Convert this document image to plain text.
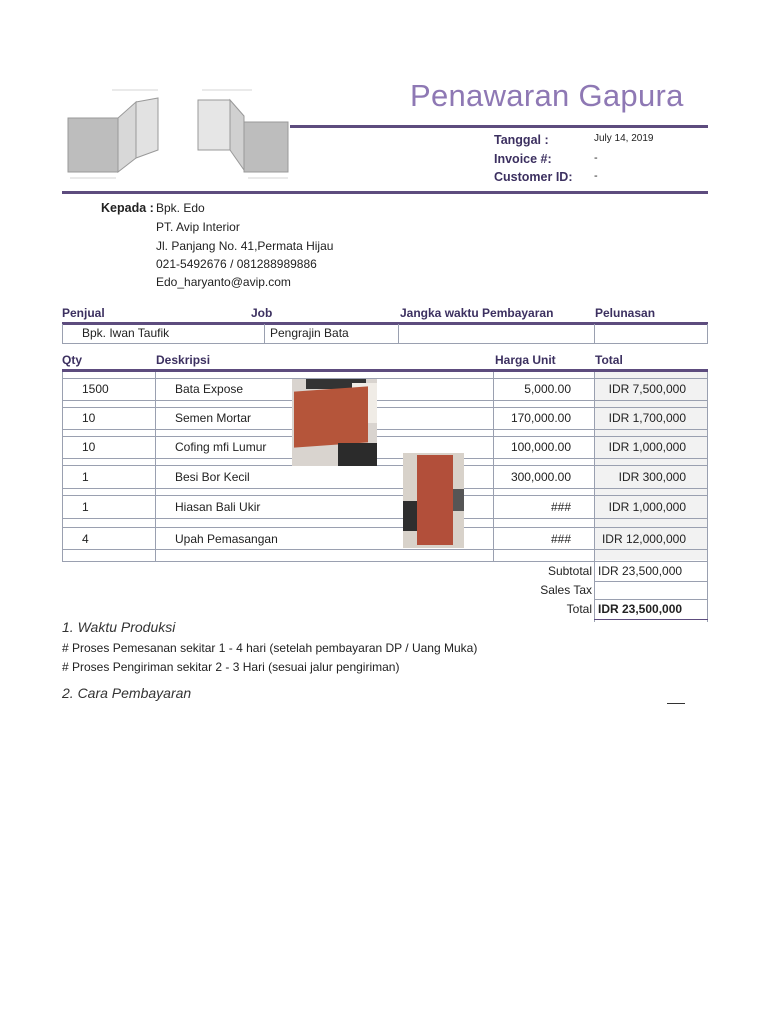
Penawaran Gapura
Tanggal :	July 14, 2019
Invoice #:	-
Customer ID: -
Kepada : Bpk. Edo
PT. Avip Interior
Jl. Panjang No. 41,Permata Hijau
021-5492676 / 081288989886
Edo_haryanto@avip.com
Penjual	Job	Jangka waktu Pembayaran	Pelunasan
Bpk. Iwan Taufik	Pengrajin Bata
Qty	Deskripsi	Harga Unit	Total
1500	Bata Expose	5,000.00	IDR 7,500,000
10	Semen Mortar	170,000.00	IDR 1,700,000
10	Cofing mfi Lumur	100,000.00	IDR 1,000,000
1	Besi Bor Kecil	300,000.00	IDR 300,000
1	Hiasan Bali Ukir	###	IDR 1,000,000
4	Upah Pemasangan	###	IDR 12,000,000
Subtotal IDR 23,500,000
Sales Tax
Total IDR 23,500,000
1. Waktu Produksi
# Proses Pemesanan sekitar 1 - 4 hari (setelah pembayaran DP / Uang Muka)
# Proses Pengiriman sekitar 2 - 3 Hari (sesuai jalur pengiriman)
2. Cara Pembayaran
